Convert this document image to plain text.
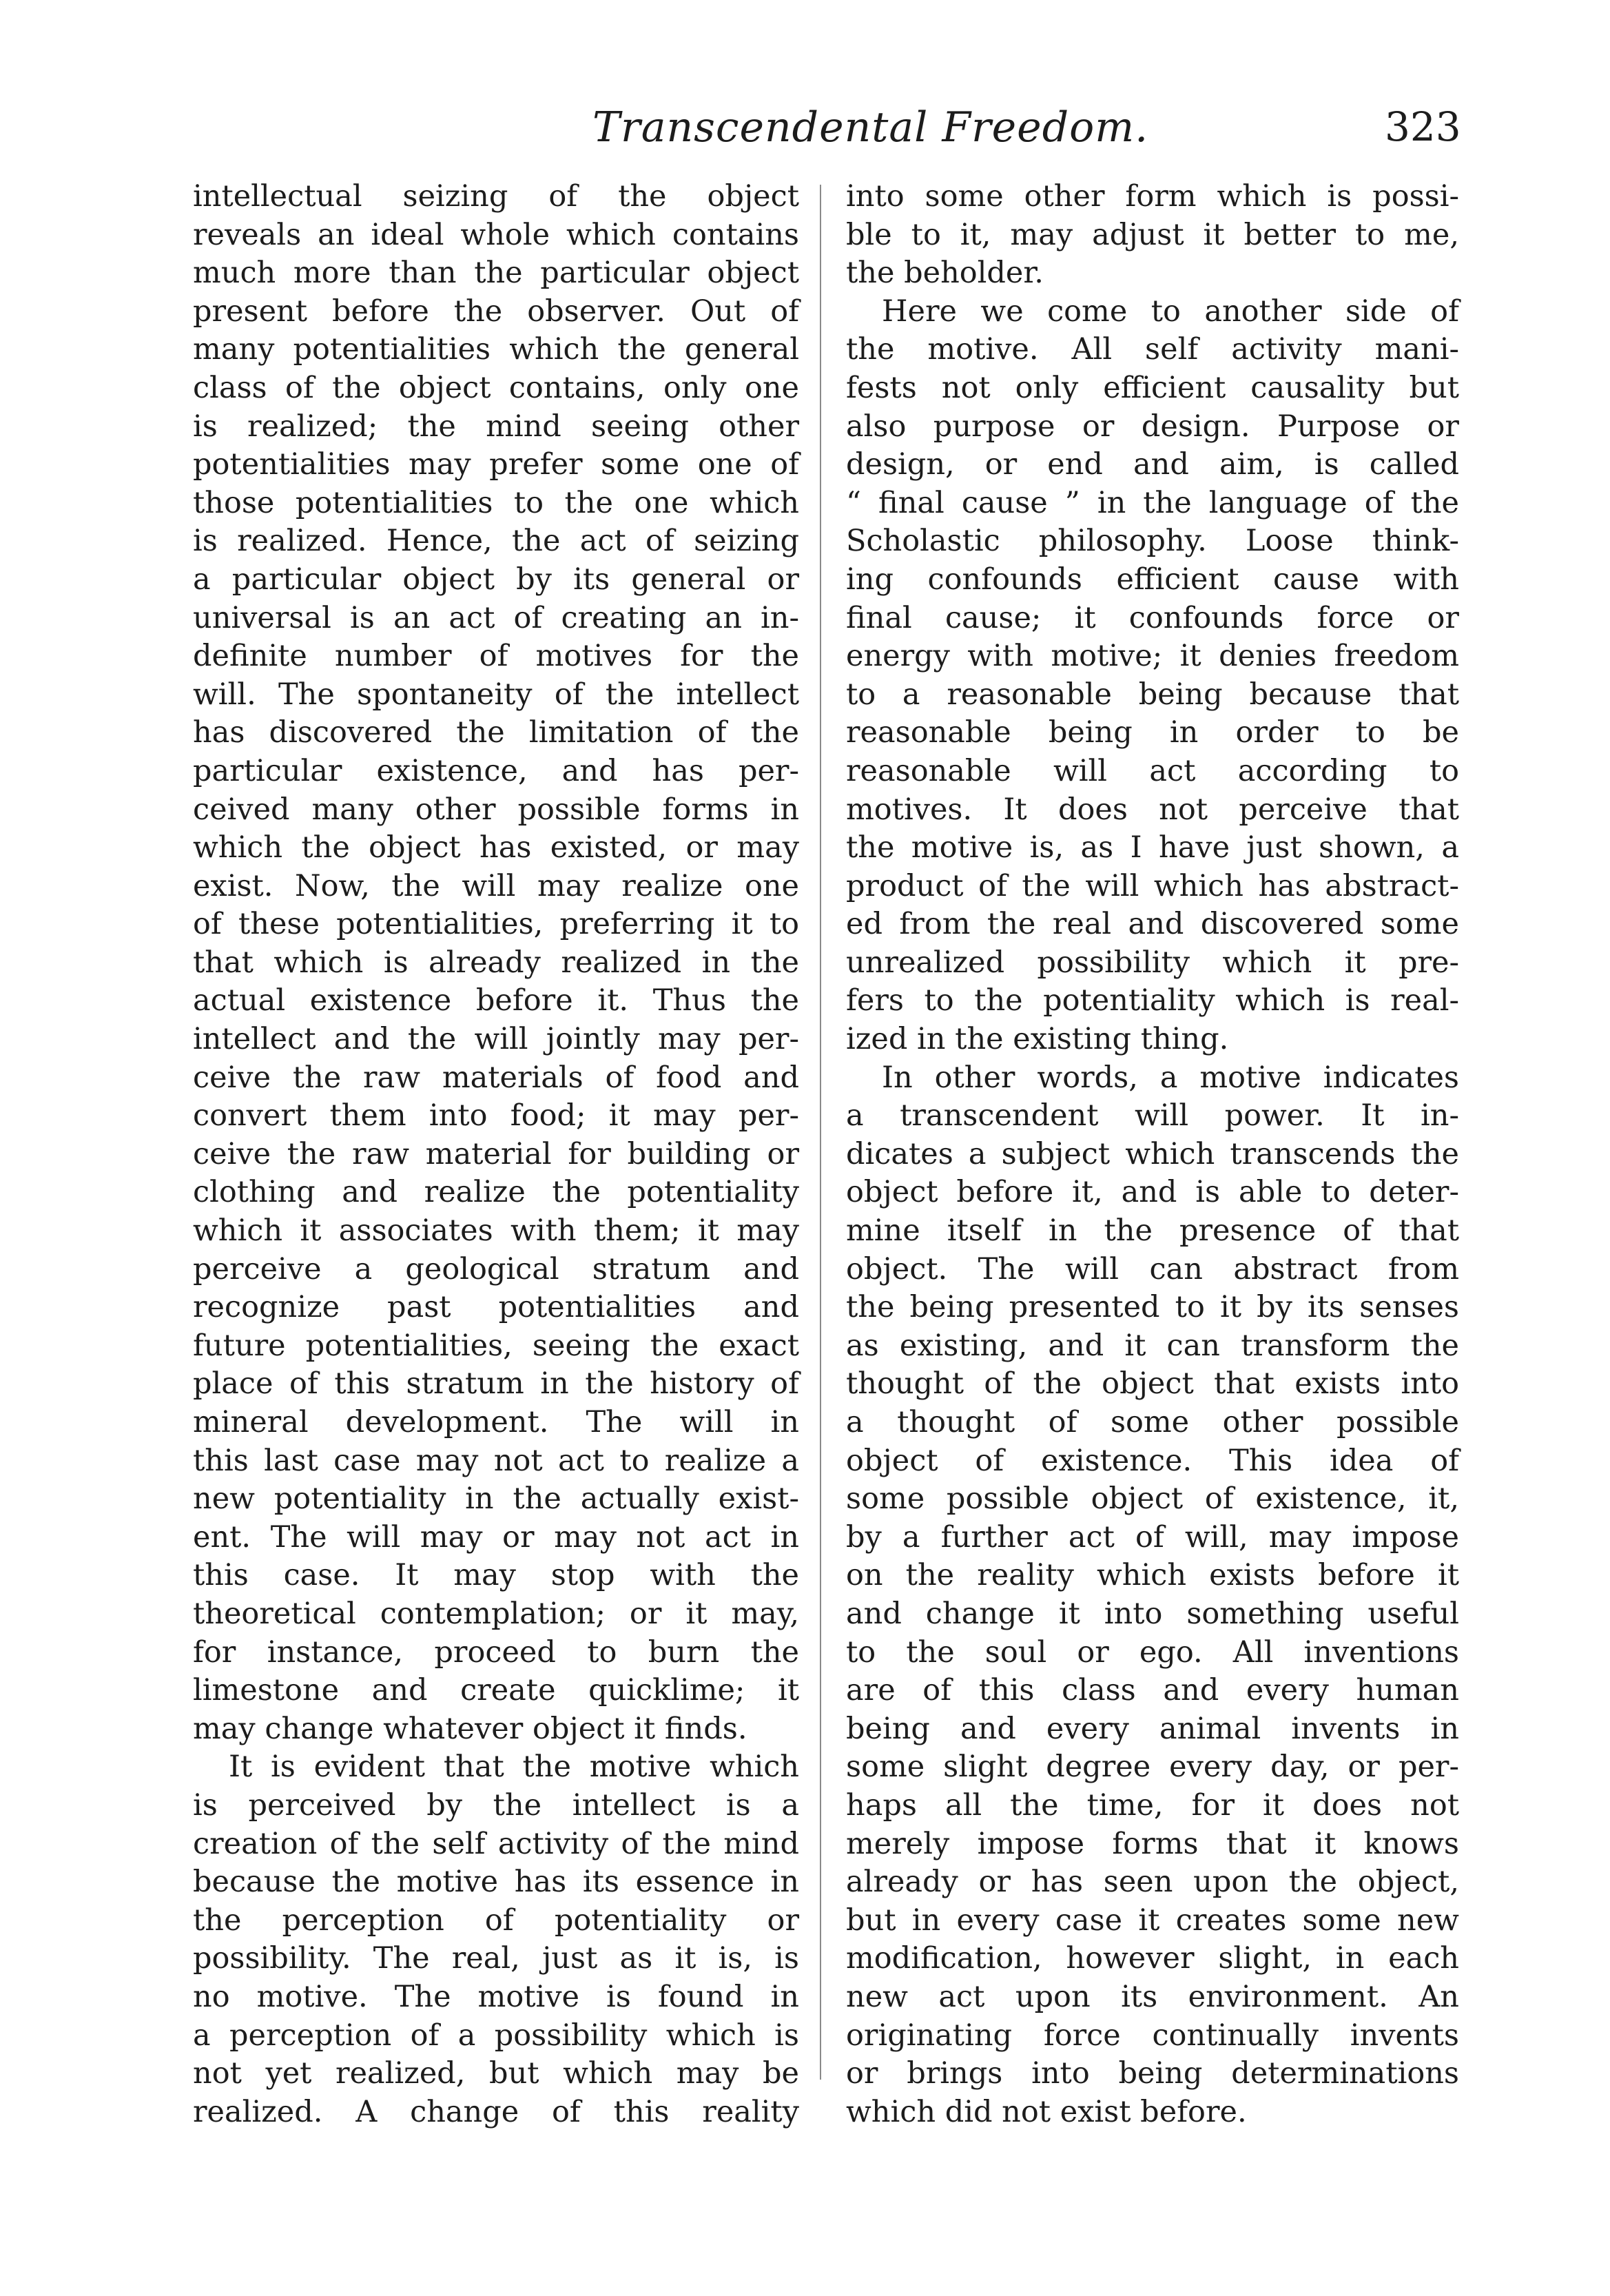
Transcendental Freedom.	323

intellectual seizing of the object
reveals an ideal whole which contains
much more than the particular object
present before the observer. Out of
many potentialities which the general
class of the object contains, only one
is realized; the mind seeing other
potentialities may prefer some one of
those potentialities to the one which
is realized. Hence, the act of seizing
a particular object by its general or
universal is an act of creating an in-
definite number of motives for the
will. The spontaneity of the intellect
has discovered the limitation of the
particular existence, and has per-
ceived many other possible forms in
which the object has existed, or may
exist. Now, the will may realize one
of these potentialities, preferring it to
that which is already realized in the
actual existence before it. Thus the
intellect and the will jointly may per-
ceive the raw materials of food and
convert them into food; it may per-
ceive the raw material for building or
clothing and realize the potentiality
which it associates with them; it may
perceive a geological stratum and
recognize past potentialities and
future potentialities, seeing the exact
place of this stratum in the history of
mineral development. The will in
this last case may not act to realize a
new potentiality in the actually exist-
ent. The will may or may not act in
this case. It may stop with the
theoretical contemplation; or it may,
for instance, proceed to burn the
limestone and create quicklime; it
may change whatever object it finds.

It is evident that the motive which
is perceived by the intellect is a
creation of the self activity of the mind
because the motive has its essence in
the perception of potentiality or
possibility. The real, just as it is, is
no motive. The motive is found in
a perception of a possibility which is
not yet realized, but which may be
realized. A change of this reality

into some other form which is possi-
ble to it, may adjust it better to me,
the beholder.

Here we come to another side of
the motive. All self activity mani-
fests not only efficient causality but
also purpose or design. Purpose or
design, or end and aim, is called
“ final cause ” in the language of the
Scholastic philosophy. Loose think-
ing confounds efficient cause with
final cause; it confounds force or
energy with motive; it denies freedom
to a reasonable being because that
reasonable being in order to be
reasonable will act according to
motives. It does not perceive that
the motive is, as I have just shown, a
product of the will which has abstract-
ed from the real and discovered some
unrealized possibility which it pre-
fers to the potentiality which is real-
ized in the existing thing.

In other words, a motive indicates
a transcendent will power. It in-
dicates a subject which transcends the
object before it, and is able to deter-
mine itself in the presence of that
object. The will can abstract from
the being presented to it by its senses
as existing, and it can transform the
thought of the object that exists into
a thought of some other possible
object of existence. This idea of
some possible object of existence, it,
by a further act of will, may impose
on the reality which exists before it
and change it into something useful
to the soul or ego. All inventions
are of this class and every human
being and every animal invents in
some slight degree every day, or per-
haps all the time, for it does not
merely impose forms that it knows
already or has seen upon the object,
but in every case it creates some new
modification, however slight, in each
new act upon its environment. An
originating force continually invents
or brings into being determinations
which did not exist before.
